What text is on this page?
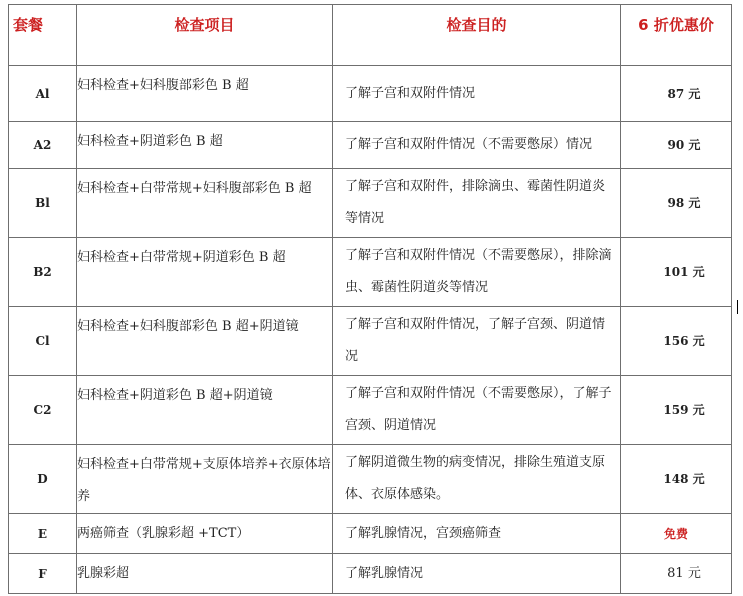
套餐	检查项目	检查目的	6 折优惠价
Al	妇科检查+妇科腹部彩色 B 超	了解子宫和双附件情况	87 元
A2	妇科检查+阴道彩色 B 超	了解子宫和双附件情况（不需要憋尿）情况	90 元
Bl	妇科检查+白带常规+妇科腹部彩色 B 超	了解子宫和双附件，排除滴虫、霉菌性阴道炎等情况	98 元
B2	妇科检查+白带常规+阴道彩色 B 超	了解子宫和双附件情况（不需要憋尿），排除滴虫、霉菌性阴道炎等情况	101 元
Cl	妇科检查+妇科腹部彩色 B 超+阴道镜	了解子宫和双附件情况，了解子宫颈、阴道情况	156 元
C2	妇科检查+阴道彩色 B 超+阴道镜	了解子宫和双附件情况（不需要憋尿），了解子宫颈、阴道情况	159 元
D	妇科检查+白带常规+支原体培养+衣原体培养	了解阴道微生物的病变情况，排除生殖道支原体、衣原体感染。	148 元
E	两癌筛查（乳腺彩超 +TCT）	了解乳腺情况，宫颈癌筛查	免费
F	乳腺彩超	了解乳腺情况	81 元
